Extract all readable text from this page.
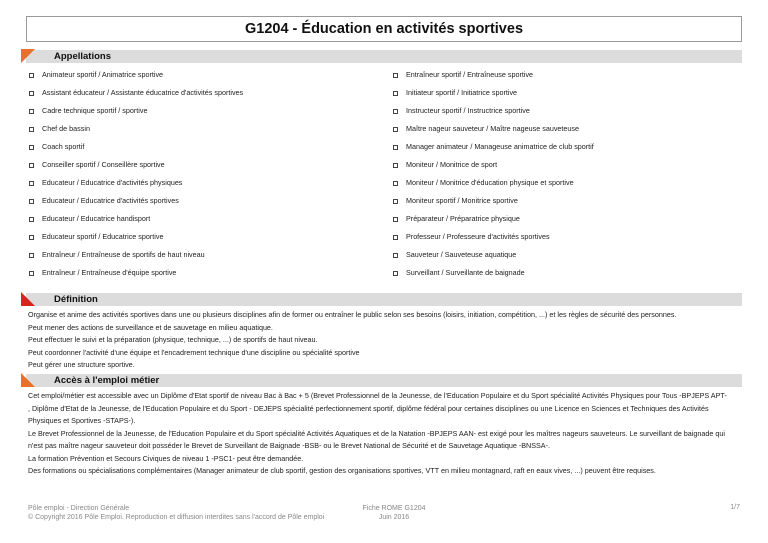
G1204 - Éducation en activités sportives
Appellations
Animateur sportif / Animatrice sportive
Assistant éducateur / Assistante éducatrice d'activités sportives
Cadre technique sportif / sportive
Chef de bassin
Coach sportif
Conseiller sportif / Conseillère sportive
Educateur / Educatrice d'activités physiques
Educateur / Educatrice d'activités sportives
Educateur / Educatrice handisport
Educateur sportif / Educatrice sportive
Entraîneur / Entraîneuse de sportifs de haut niveau
Entraîneur / Entraîneuse d'équipe sportive
Entraîneur sportif / Entraîneuse sportive
Initiateur sportif / Initiatrice sportive
Instructeur sportif / Instructrice sportive
Maître nageur sauveteur / Maître nageuse sauveteuse
Manager animateur / Manageuse animatrice de club sportif
Moniteur / Monitrice de sport
Moniteur / Monitrice d'éducation physique et sportive
Moniteur sportif / Monitrice sportive
Préparateur / Préparatrice physique
Professeur / Professeure d'activités sportives
Sauveteur / Sauveteuse aquatique
Surveillant / Surveillante de baignade
Définition
Organise et anime des activités sportives dans une ou plusieurs disciplines afin de former ou entraîner le public selon ses besoins (loisirs, initiation, compétition, ...) et les règles de sécurité des personnes.
Peut mener des actions de surveillance et de sauvetage en milieu aquatique.
Peut effectuer le suivi et la préparation (physique, technique, ...) de sportifs de haut niveau.
Peut coordonner l'activité d'une équipe et l'encadrement technique d'une discipline ou spécialité sportive
Peut gérer une structure sportive.
Accès à l'emploi métier
Cet emploi/métier est accessible avec un Diplôme d'Etat sportif de niveau Bac à Bac + 5 (Brevet Professionnel de la Jeunesse, de l'Education Populaire et du Sport spécialité Activités Physiques pour Tous -BPJEPS APT-
, Diplôme d'Etat de la Jeunesse, de l'Education Populaire et du Sport - DEJEPS spécialité perfectionnement sportif, diplôme fédéral pour certaines disciplines ou une Licence en Sciences et Techniques des Activités
Physiques et Sportives -STAPS-).
Le Brevet Professionnel de la Jeunesse, de l'Education Populaire et du Sport spécialité Activités Aquatiques et de la Natation -BPJEPS AAN- est exigé pour les maîtres nageurs sauveteurs. Le surveillant de baignade qui
n'est pas maître nageur sauveteur doit posséder le Brevet de Surveillant de Baignade -BSB- ou le Brevet National de Sécurité et de Sauvetage Aquatique -BNSSA-.
La formation Prévention et Secours Civiques de niveau 1 -PSC1- peut être demandée.
Des formations ou spécialisations complémentaires (Manager animateur de club sportif, gestion des organisations sportives, VTT en milieu montagnard, raft en eaux vives, ...) peuvent être requises.
Pôle emploi - Direction Générale
© Copyright 2016 Pôle Emploi. Reproduction et diffusion interdites sans l'accord de Pôle emploi
Fiche ROME G1204
Juin 2016
1/7
